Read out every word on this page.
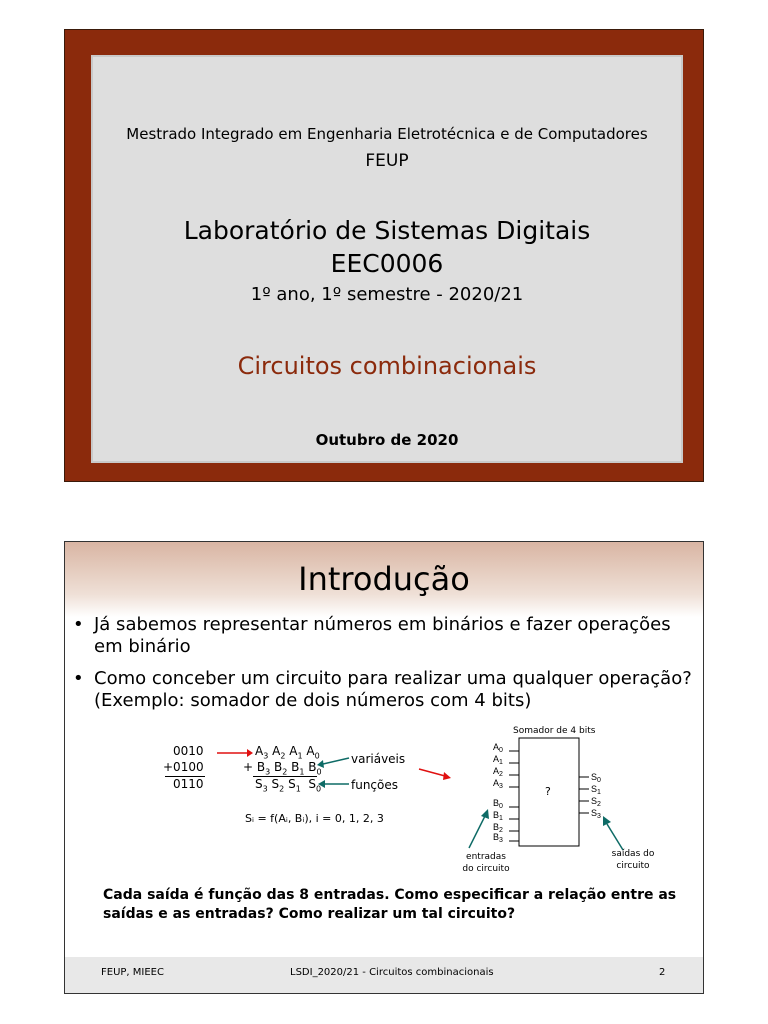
Mestrado Integrado em Engenharia Eletrotécnica e de Computadores
FEUP
Laboratório de Sistemas Digitais
EEC0006
1º ano, 1º semestre - 2020/21
Circuitos combinacionais
Outubro de 2020
Introdução
• Já sabemos representar números em binários e fazer operações em binário
• Como conceber um circuito para realizar uma qualquer operação? (Exemplo: somador de dois números com 4 bits)
0010
+0100
0110
$A_3$ $A_2$ $A_1$ $A_0$
+ $B_3$ $B_2$ $B_1$ $B_0$
$S_3$ $S_2$ $S_1$  $S_0$
variáveis
funções
Sᵢ = f(Aᵢ, Bᵢ), i = 0, 1, 2, 3
Somador de 4 bits
$A_0$
$A_1$
$A_2$
$A_3$
$B_0$
$B_1$
$B_2$
$B_3$
$S_0$
$S_1$
$S_2$
$S_3$
?
entradas
do circuito
saídas do
circuito
Cada saída é função das 8 entradas. Como especificar a relação entre as saídas e as entradas? Como realizar um tal circuito?
FEUP, MIEEC	LSDI_2020/21 - Circuitos combinacionais	2
